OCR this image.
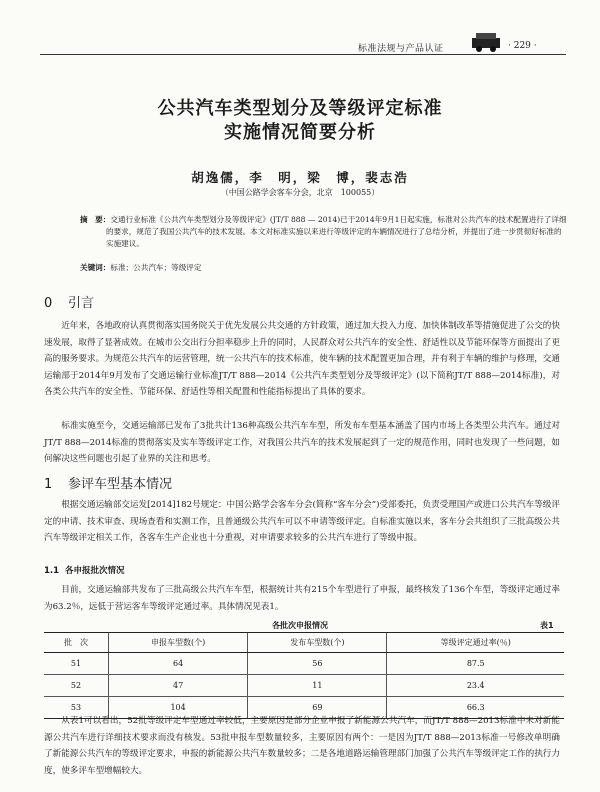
标准法规与产品认证	· 229 ·
公共汽车类型划分及等级评定标准
实施情况简要分析
胡逸儒，李　明，梁　博，裴志浩
（中国公路学会客车分会，北京　100055）
摘　要：交通行业标准《公共汽车类型划分及等级评定》(JT/T 888 — 2014)已于2014年9月1日起实施，标准对公共汽车的技术配置进行了详细的要求，规范了我国公共汽车的技术发展。本文对标准实施以来进行等级评定的车辆情况进行了总结分析，并提出了进一步贯彻好标准的实施建议。
关键词：标准；公共汽车；等级评定
0 引言
近年来，各地政府认真贯彻落实国务院关于优先发展公共交通的方针政策，通过加大投入力度、加快体制改革等措施促进了公交的快速发展，取得了显著成效。在城市公交出行分担率稳步上升的同时，人民群众对公共汽车的安全性、舒适性以及节能环保等方面提出了更高的服务要求。为规范公共汽车的运营管理，统一公共汽车的技术标准，使车辆的技术配置更加合理，并有利于车辆的维护与修理，交通运输部于2014年9月发布了交通运输行业标准JT/T 888—2014《公共汽车类型划分及等级评定》(以下简称JT/T 888—2014标准)，对各类公共汽车的安全性、节能环保、舒适性等相关配置和性能指标提出了具体的要求。
标准实施至今，交通运输部已发布了3批共计136种高级公共汽车车型，所发布车型基本涵盖了国内市场上各类型公共汽车。通过对JT/T 888—2014标准的贯彻落实及实车等级评定工作，对我国公共汽车的技术发展起到了一定的规范作用，同时也发现了一些问题，如何解决这些问题也引起了业界的关注和思考。
1 参评车型基本情况
根据交通运输部交运发[2014]182号规定：中国公路学会客车分会(简称“客车分会”)受部委托，负责受理国产或进口公共汽车等级评定的申请、技术审查、现场查看和实测工作，且普通级公共汽车可以不申请等级评定。自标准实施以来，客车分会共组织了三批高级公共汽车等级评定相关工作，各客车生产企业也十分重视，对申请要求较多的公共汽车进行了等级申报。
1.1 各申报批次情况
目前，交通运输部共发布了三批高级公共汽车车型，根据统计共有215个车型进行了申报，最终核发了136个车型，等级评定通过率为63.2％，远低于营运客车等级评定通过率。具体情况见表1。
各批次申报情况	表1
批　次	申报车型数(个)	发布车型数(个)	等级评定通过率(％)
51	64	56	87.5
52	47	11	23.4
53	104	69	66.3
从表1可以看出，52批等级评定车型通过率较低，主要原因是部分企业申报了新能源公共汽车，而JT/T 888—2013标准中未对新能源公共汽车进行详细技术要求而没有核发。53批申报车型数量较多，主要原因有两个：一是因为JT/T 888—2013标准一号修改单明确了新能源公共汽车的等级评定要求，申报的新能源公共汽车数量较多；二是各地道路运输管理部门加强了公共汽车等级评定工作的执行力度，使多评车型增幅较大。
